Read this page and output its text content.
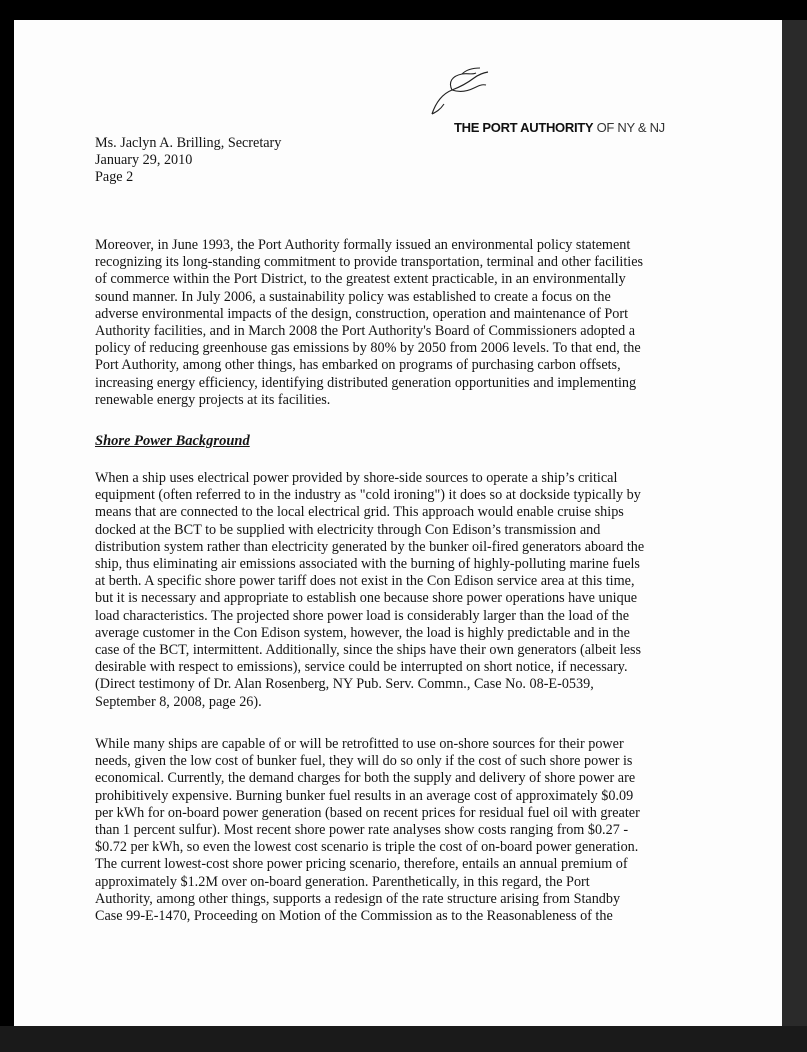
THE PORT AUTHORITY OF NY & NJ
Ms. Jaclyn A. Brilling, Secretary
January 29, 2010
Page 2
Moreover, in June 1993, the Port Authority formally issued an environmental policy statement
recognizing its long-standing commitment to provide transportation, terminal and other facilities
of commerce within the Port District, to the greatest extent practicable, in an environmentally
sound manner. In July 2006, a sustainability policy was established to create a focus on the
adverse environmental impacts of the design, construction, operation and maintenance of Port
Authority facilities, and in March 2008 the Port Authority's Board of Commissioners adopted a
policy of reducing greenhouse gas emissions by 80% by 2050 from 2006 levels. To that end, the
Port Authority, among other things, has embarked on programs of purchasing carbon offsets,
increasing energy efficiency, identifying distributed generation opportunities and implementing
renewable energy projects at its facilities.
Shore Power Background
When a ship uses electrical power provided by shore-side sources to operate a ship’s critical
equipment (often referred to in the industry as "cold ironing") it does so at dockside typically by
means that are connected to the local electrical grid. This approach would enable cruise ships
docked at the BCT to be supplied with electricity through Con Edison’s transmission and
distribution system rather than electricity generated by the bunker oil-fired generators aboard the
ship, thus eliminating air emissions associated with the burning of highly-polluting marine fuels
at berth. A specific shore power tariff does not exist in the Con Edison service area at this time,
but it is necessary and appropriate to establish one because shore power operations have unique
load characteristics. The projected shore power load is considerably larger than the load of the
average customer in the Con Edison system, however, the load is highly predictable and in the
case of the BCT, intermittent. Additionally, since the ships have their own generators (albeit less
desirable with respect to emissions), service could be interrupted on short notice, if necessary.
(Direct testimony of Dr. Alan Rosenberg, NY Pub. Serv. Commn., Case No. 08-E-0539,
September 8, 2008, page 26).
While many ships are capable of or will be retrofitted to use on-shore sources for their power
needs, given the low cost of bunker fuel, they will do so only if the cost of such shore power is
economical. Currently, the demand charges for both the supply and delivery of shore power are
prohibitively expensive. Burning bunker fuel results in an average cost of approximately $0.09
per kWh for on-board power generation (based on recent prices for residual fuel oil with greater
than 1 percent sulfur). Most recent shore power rate analyses show costs ranging from $0.27 -
$0.72 per kWh, so even the lowest cost scenario is triple the cost of on-board power generation.
The current lowest-cost shore power pricing scenario, therefore, entails an annual premium of
approximately $1.2M over on-board generation. Parenthetically, in this regard, the Port
Authority, among other things, supports a redesign of the rate structure arising from Standby
Case 99-E-1470, Proceeding on Motion of the Commission as to the Reasonableness of the
